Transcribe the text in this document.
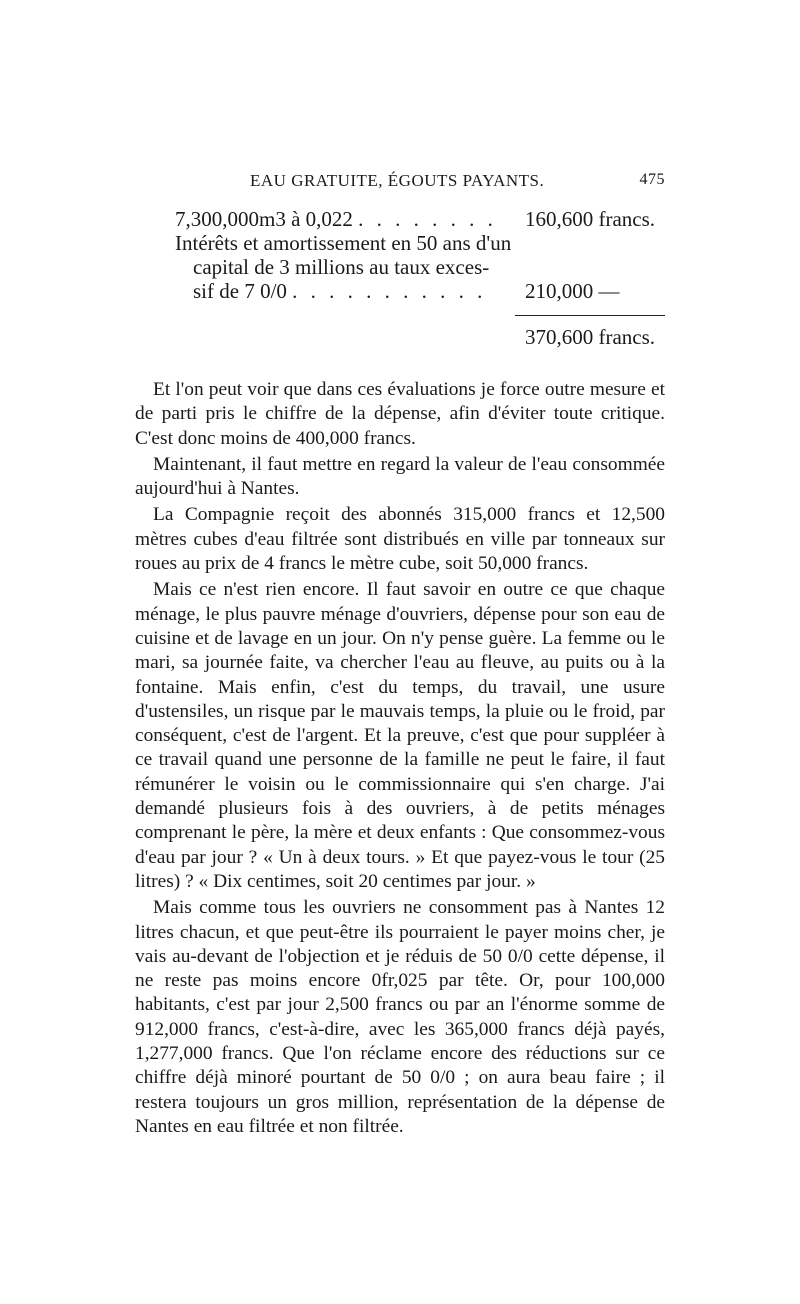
EAU GRATUITE, ÉGOUTS PAYANTS.	475
7,300,000m3 à 0,022 . . . . . . . . 160,600 francs.
Intérêts et amortissement en 50 ans d'un
capital de 3 millions au taux exces-
sif de 7 0/0 . . . . . . . . . . . 210,000 —
370,600 francs.

Et l'on peut voir que dans ces évaluations je force outre mesure et de parti pris le chiffre de la dépense, afin d'éviter toute critique. C'est donc moins de 400,000 francs.

Maintenant, il faut mettre en regard la valeur de l'eau consommée aujourd'hui à Nantes.

La Compagnie reçoit des abonnés 315,000 francs et 12,500 mètres cubes d'eau filtrée sont distribués en ville par tonneaux sur roues au prix de 4 francs le mètre cube, soit 50,000 francs.

Mais ce n'est rien encore. Il faut savoir en outre ce que chaque ménage, le plus pauvre ménage d'ouvriers, dépense pour son eau de cuisine et de lavage en un jour. On n'y pense guère. La femme ou le mari, sa journée faite, va chercher l'eau au fleuve, au puits ou à la fontaine. Mais enfin, c'est du temps, du travail, une usure d'ustensiles, un risque par le mauvais temps, la pluie ou le froid, par conséquent, c'est de l'argent. Et la preuve, c'est que pour suppléer à ce travail quand une personne de la famille ne peut le faire, il faut rémunérer le voisin ou le commissionnaire qui s'en charge. J'ai demandé plusieurs fois à des ouvriers, à de petits ménages comprenant le père, la mère et deux enfants : Que consommez-vous d'eau par jour ? « Un à deux tours. » Et que payez-vous le tour (25 litres) ? « Dix centimes, soit 20 centimes par jour. »

Mais comme tous les ouvriers ne consomment pas à Nantes 12 litres chacun, et que peut-être ils pourraient le payer moins cher, je vais au-devant de l'objection et je réduis de 50 0/0 cette dépense, il ne reste pas moins encore 0fr,025 par tête. Or, pour 100,000 habitants, c'est par jour 2,500 francs ou par an l'énorme somme de 912,000 francs, c'est-à-dire, avec les 365,000 francs déjà payés, 1,277,000 francs. Que l'on réclame encore des réductions sur ce chiffre déjà minoré pourtant de 50 0/0 ; on aura beau faire ; il restera toujours un gros million, représentation de la dépense de Nantes en eau filtrée et non filtrée.
